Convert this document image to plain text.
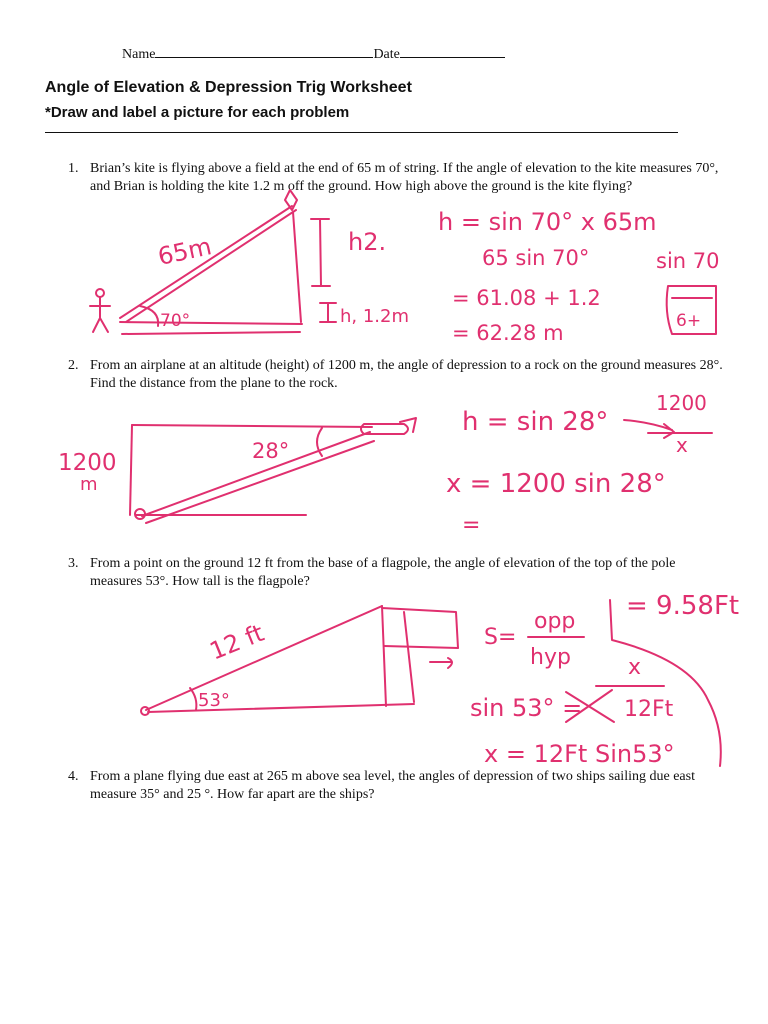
Name	Date
Angle of Elevation & Depression Trig Worksheet
*Draw and label a picture for each problem
1. Brian’s kite is flying above a field at the end of 65 m of string. If the angle of elevation to the kite measures 70°, and Brian is holding the kite 1.2 m off the ground. How high above the ground is the kite flying?
2. From an airplane at an altitude (height) of 1200 m, the angle of depression to a rock on the ground measures 28°. Find the distance from the plane to the rock.
3. From a point on the ground 12 ft from the base of a flagpole, the angle of elevation of the top of the pole measures 53°. How tall is the flagpole?
4. From a plane flying due east at 265 m above sea level, the angles of depression of two ships sailing due east measure 35° and 25 °. How far apart are the ships?
65m
70°
h2.
h, 1.2m
h = sin 70° x 65m
65 sin 70°
= 61.08 + 1.2
= 62.28 m
sin 70
6+
1200
m
28°
h = sin 28°
1200
x
x = 1200 sin 28°
=
12 ft
53°
S=
opp
hyp
sin 53° =
x
12Ft
x = 12Ft Sin53°
= 9.58Ft
